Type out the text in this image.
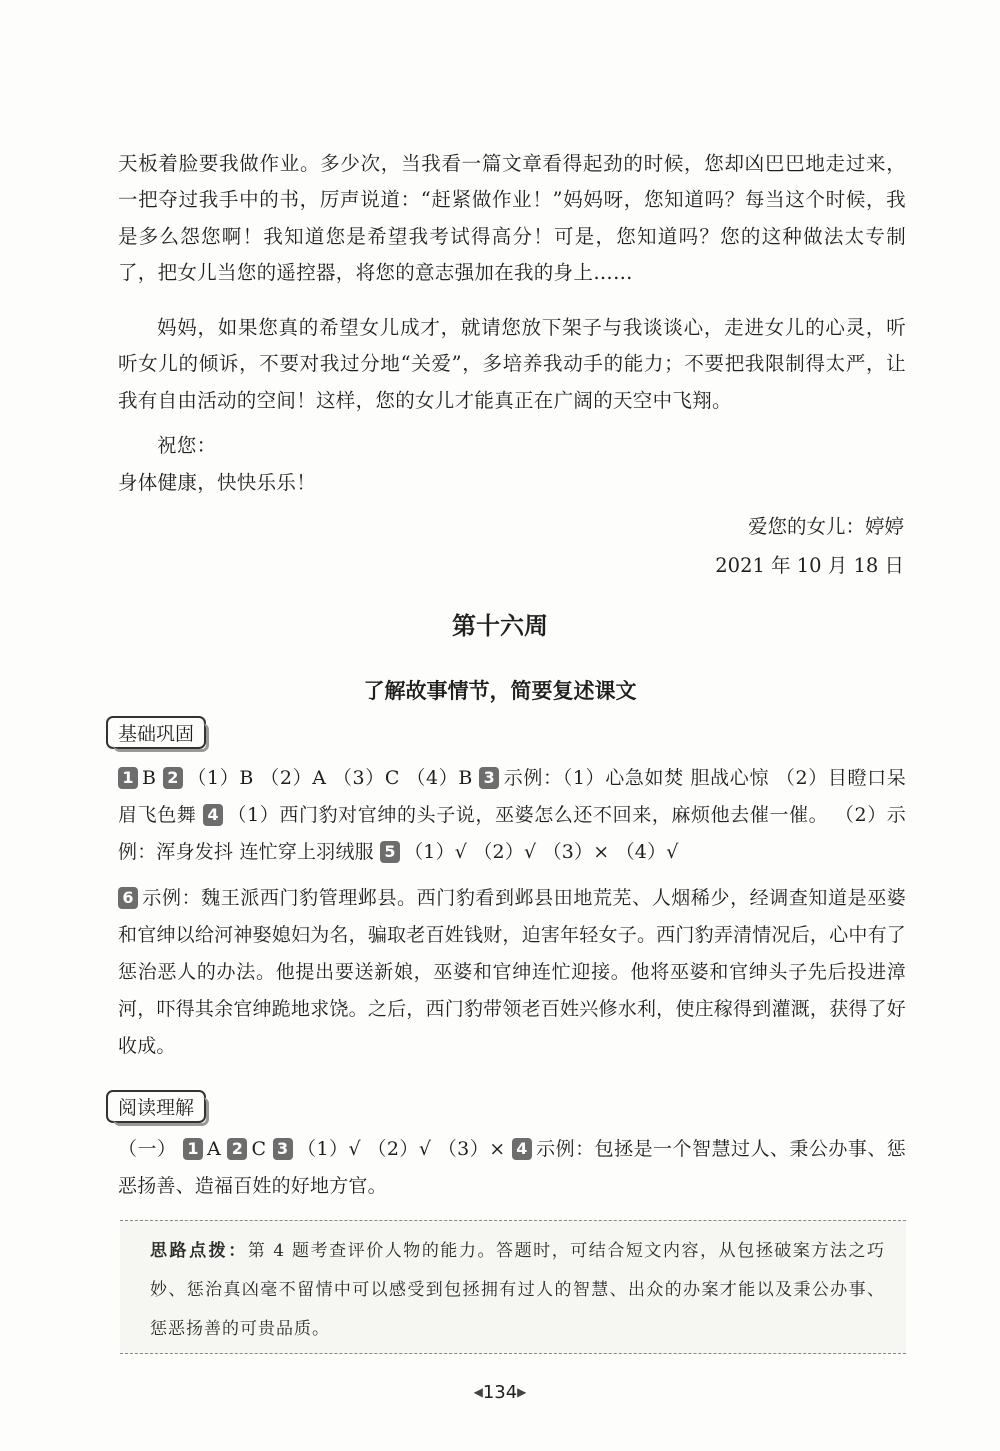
天板着脸要我做作业。多少次，当我看一篇文章看得起劲的时候，您却凶巴巴地走过来，一把夺过我手中的书，厉声说道：“赶紧做作业！”妈妈呀，您知道吗？每当这个时候，我是多么怨您啊！我知道您是希望我考试得高分！可是，您知道吗？您的这种做法太专制了，把女儿当您的遥控器，将您的意志强加在我的身上……
妈妈，如果您真的希望女儿成才，就请您放下架子与我谈谈心，走进女儿的心灵，听听女儿的倾诉，不要对我过分地“关爱”，多培养我动手的能力；不要把我限制得太严，让我有自由活动的空间！这样，您的女儿才能真正在广阔的天空中飞翔。
祝您：
身体健康，快快乐乐！
爱您的女儿：婷婷
2021 年 10 月 18 日
第十六周
了解故事情节，简要复述课文
基础巩固
1 B 2 （1）B （2）A （3）C （4）B 3 示例：（1）心急如焚 胆战心惊 （2）目瞪口呆 眉飞色舞 4 （1）西门豹对官绅的头子说，巫婆怎么还不回来，麻烦他去催一催。 （2）示例：浑身发抖 连忙穿上羽绒服 5 （1）√ （2）√ （3）× （4）√
6 示例：魏王派西门豹管理邺县。西门豹看到邺县田地荒芜、人烟稀少，经调查知道是巫婆和官绅以给河神娶媳妇为名，骗取老百姓钱财，迫害年轻女子。西门豹弄清情况后，心中有了惩治恶人的办法。他提出要送新娘，巫婆和官绅连忙迎接。他将巫婆和官绅头子先后投进漳河，吓得其余官绅跪地求饶。之后，西门豹带领老百姓兴修水利，使庄稼得到灌溉，获得了好收成。
阅读理解
（一） 1 A 2 C 3 （1）√ （2）√ （3）× 4 示例：包拯是一个智慧过人、秉公办事、惩恶扬善、造福百姓的好地方官。
思路点拨：第 4 题考查评价人物的能力。答题时，可结合短文内容，从包拯破案方法之巧妙、惩治真凶毫不留情中可以感受到包拯拥有过人的智慧、出众的办案才能以及秉公办事、惩恶扬善的可贵品质。
◀134▶
